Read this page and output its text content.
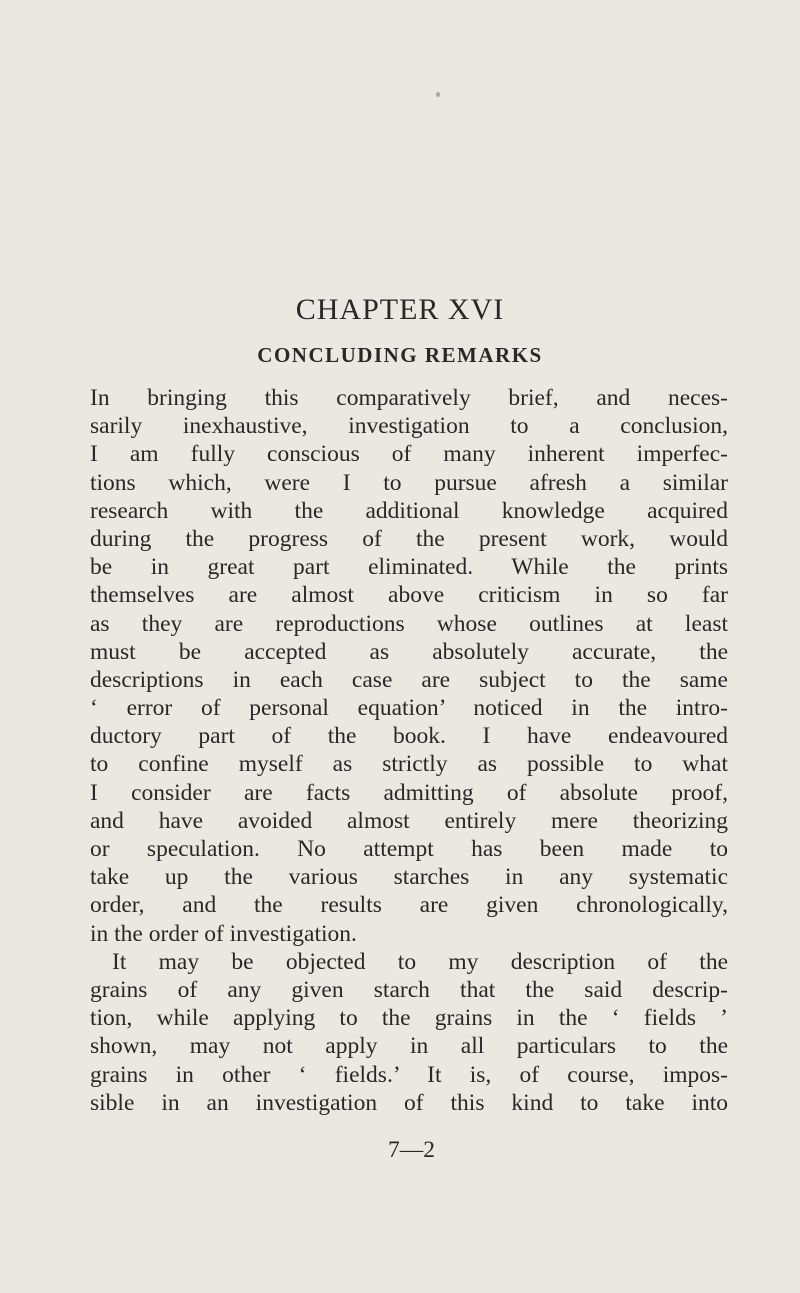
CHAPTER XVI
CONCLUDING REMARKS
In bringing this comparatively brief, and neces-
sarily inexhaustive, investigation to a conclusion,
I am fully conscious of many inherent imperfec-
tions which, were I to pursue afresh a similar
research with the additional knowledge acquired
during the progress of the present work, would
be in great part eliminated. While the prints
themselves are almost above criticism in so far
as they are reproductions whose outlines at least
must be accepted as absolutely accurate, the
descriptions in each case are subject to the same
‘ error of personal equation’ noticed in the intro-
ductory part of the book. I have endeavoured
to confine myself as strictly as possible to what
I consider are facts admitting of absolute proof,
and have avoided almost entirely mere theorizing
or speculation. No attempt has been made to
take up the various starches in any systematic
order, and the results are given chronologically,
in the order of investigation.
It may be objected to my description of the
grains of any given starch that the said descrip-
tion, while applying to the grains in the ‘ fields ’
shown, may not apply in all particulars to the
grains in other ‘ fields.’ It is, of course, impos-
sible in an investigation of this kind to take into

7—2
